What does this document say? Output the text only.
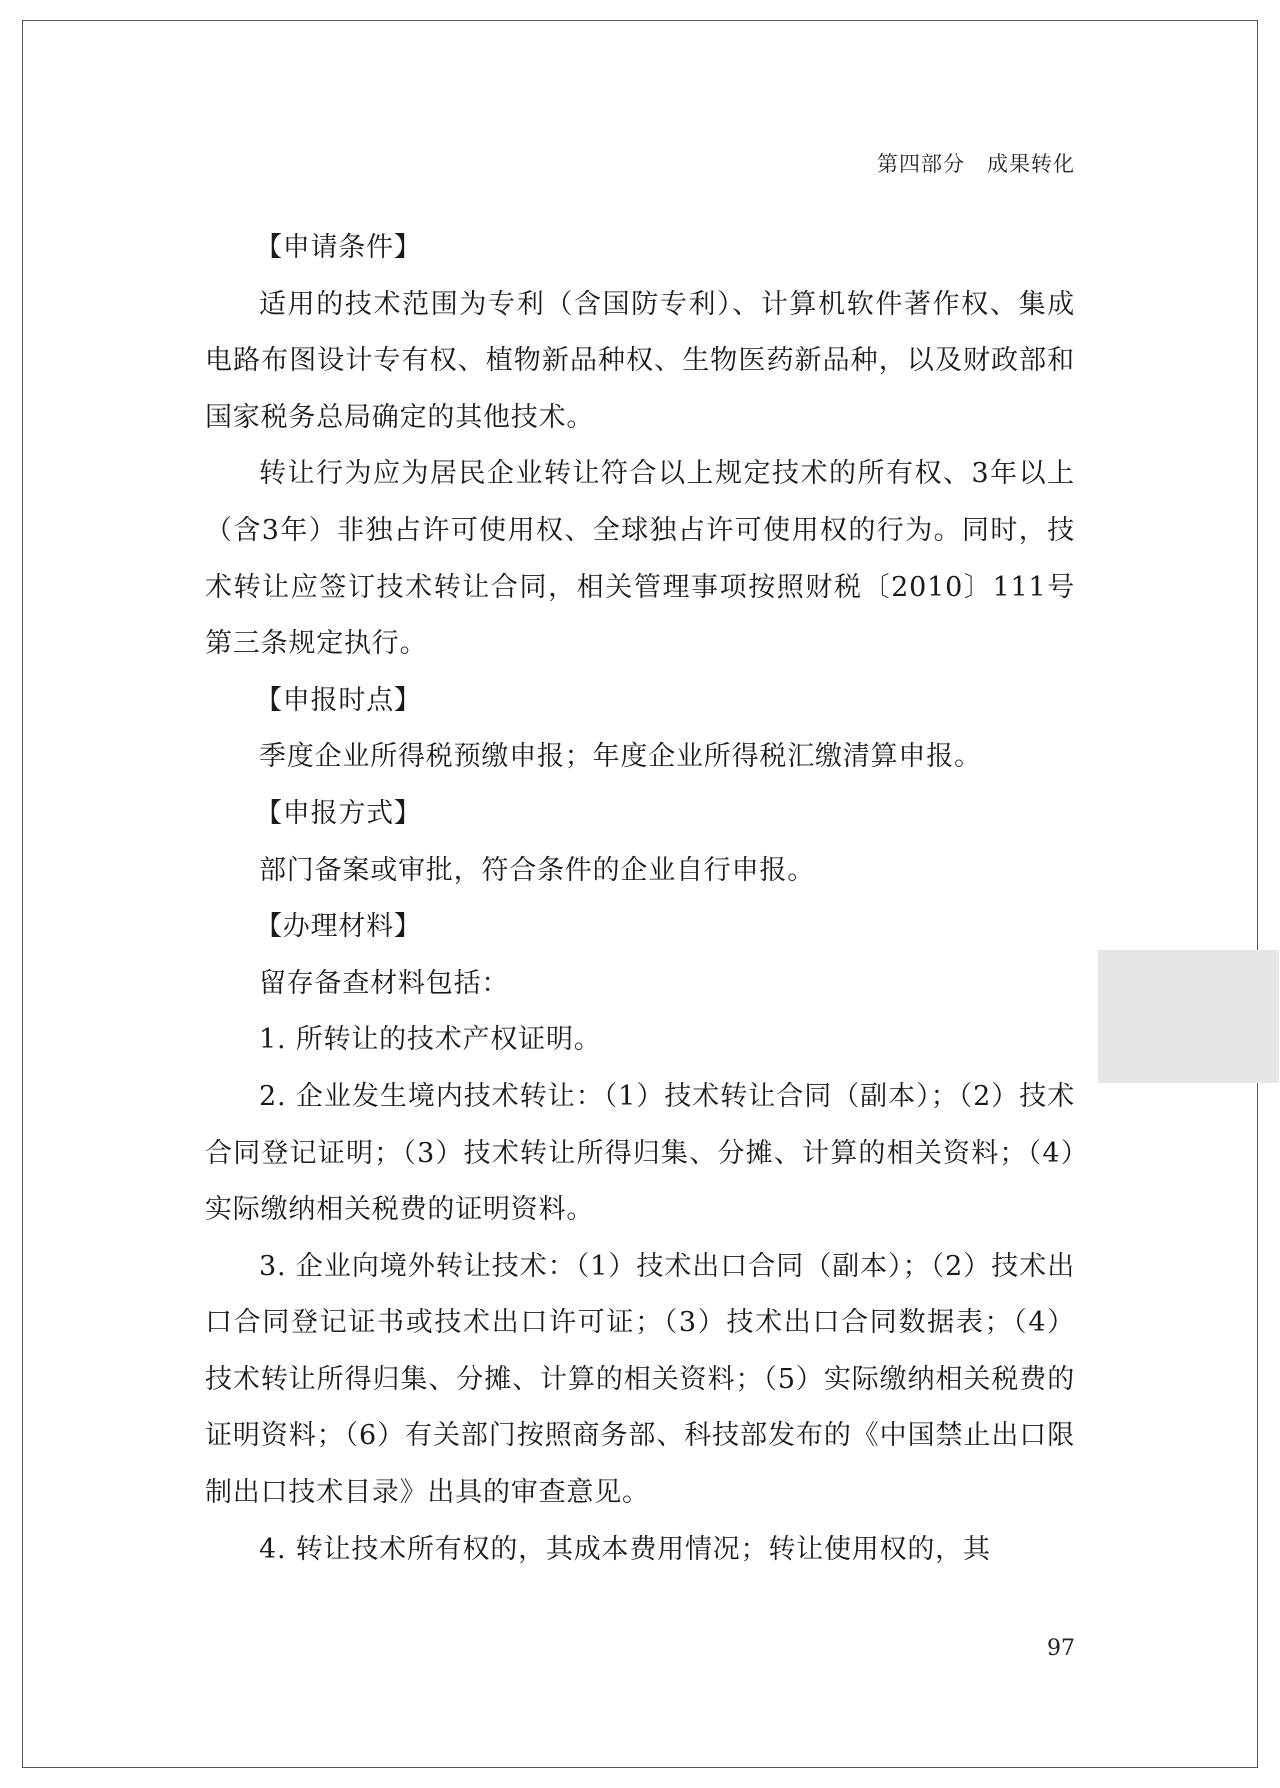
第四部分　成果转化

【申请条件】

适用的技术范围为专利（含国防专利）、计算机软件著作权、集成电路布图设计专有权、植物新品种权、生物医药新品种，以及财政部和国家税务总局确定的其他技术。

转让行为应为居民企业转让符合以上规定技术的所有权、3年以上（含3年）非独占许可使用权、全球独占许可使用权的行为。同时，技术转让应签订技术转让合同，相关管理事项按照财税〔2010〕111号第三条规定执行。

【申报时点】

季度企业所得税预缴申报；年度企业所得税汇缴清算申报。

【申报方式】

部门备案或审批，符合条件的企业自行申报。

【办理材料】

留存备查材料包括：

1. 所转让的技术产权证明。

2. 企业发生境内技术转让：（1）技术转让合同（副本）；（2）技术合同登记证明；（3）技术转让所得归集、分摊、计算的相关资料；（4）实际缴纳相关税费的证明资料。

3. 企业向境外转让技术：（1）技术出口合同（副本）；（2）技术出口合同登记证书或技术出口许可证；（3）技术出口合同数据表；（4）技术转让所得归集、分摊、计算的相关资料；（5）实际缴纳相关税费的证明资料；（6）有关部门按照商务部、科技部发布的《中国禁止出口限制出口技术目录》出具的审查意见。

4. 转让技术所有权的，其成本费用情况；转让使用权的，其

97
